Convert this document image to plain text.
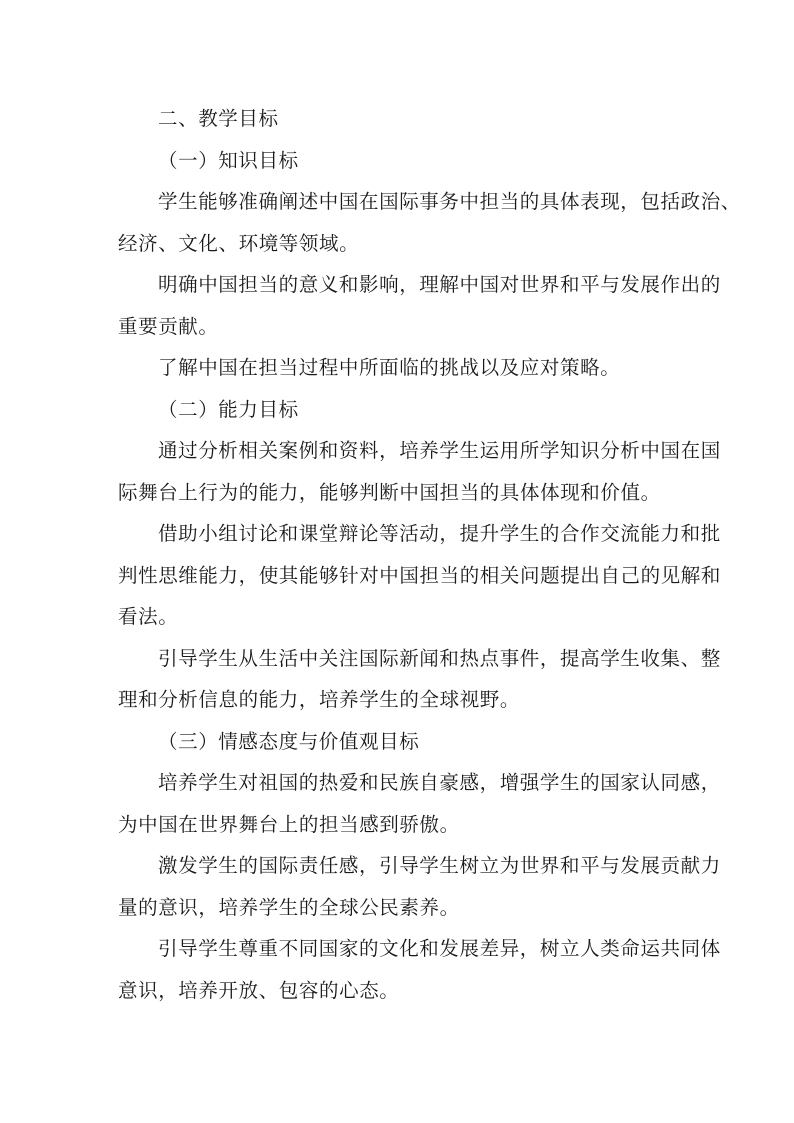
二、教学目标
（一）知识目标
学生能够准确阐述中国在国际事务中担当的具体表现，包括政治、
经济、文化、环境等领域。
明确中国担当的意义和影响，理解中国对世界和平与发展作出的
重要贡献。
了解中国在担当过程中所面临的挑战以及应对策略。
（二）能力目标
通过分析相关案例和资料，培养学生运用所学知识分析中国在国
际舞台上行为的能力，能够判断中国担当的具体体现和价值。
借助小组讨论和课堂辩论等活动，提升学生的合作交流能力和批
判性思维能力，使其能够针对中国担当的相关问题提出自己的见解和
看法。
引导学生从生活中关注国际新闻和热点事件，提高学生收集、整
理和分析信息的能力，培养学生的全球视野。
（三）情感态度与价值观目标
培养学生对祖国的热爱和民族自豪感，增强学生的国家认同感，
为中国在世界舞台上的担当感到骄傲。
激发学生的国际责任感，引导学生树立为世界和平与发展贡献力
量的意识，培养学生的全球公民素养。
引导学生尊重不同国家的文化和发展差异，树立人类命运共同体
意识，培养开放、包容的心态。
